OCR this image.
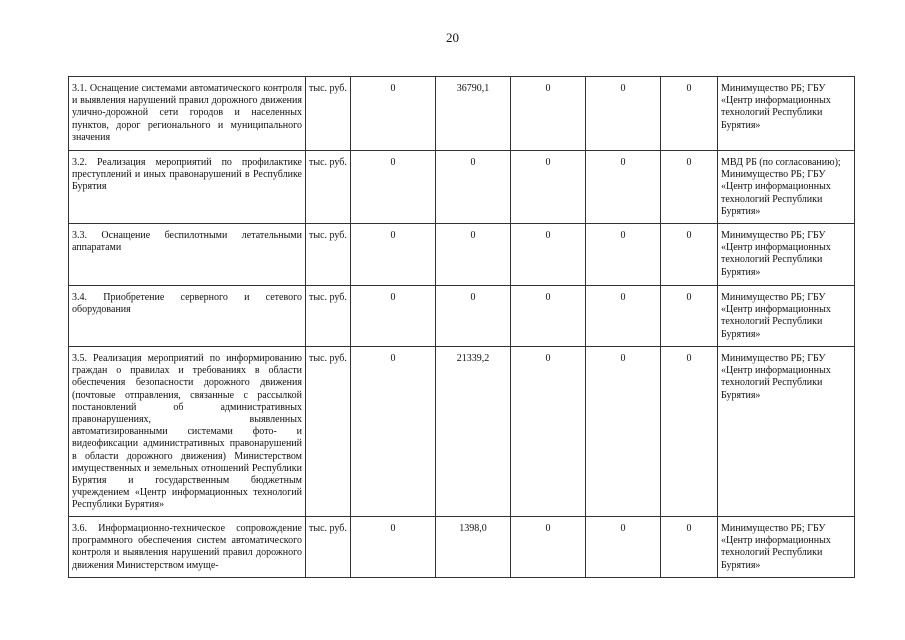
20
3.1. Оснащение системами автоматического контроля и выявления нарушений правил дорожного движения улично-дорожной сети городов и населенных пунктов, дорог регионального и муниципального значения	тыс. руб.	0	36790,1	0	0	0	Минимущество РБ; ГБУ «Центр информационных технологий Республики Бурятия»
3.2. Реализация мероприятий по профилактике преступлений и иных правонарушений в Республике Бурятия	тыс. руб.	0	0	0	0	0	МВД РБ (по согласованию); Минимущество РБ; ГБУ «Центр информационных технологий Республики Бурятия»
3.3. Оснащение беспилотными летательными аппаратами	тыс. руб.	0	0	0	0	0	Минимущество РБ; ГБУ «Центр информационных технологий Республики Бурятия»
3.4. Приобретение серверного и сетевого оборудования	тыс. руб.	0	0	0	0	0	Минимущество РБ; ГБУ «Центр информационных технологий Республики Бурятия»
3.5. Реализация мероприятий по информированию граждан о правилах и требованиях в области обеспечения безопасности дорожного движения (почтовые отправления, связанные с рассылкой постановлений об административных правонарушениях, выявленных автоматизированными системами фото- и видеофиксации административных правонарушений в области дорожного движения) Министерством имущественных и земельных отношений Республики Бурятия и государственным бюджетным учреждением «Центр информационных технологий Республики Бурятия»	тыс. руб.	0	21339,2	0	0	0	Минимущество РБ; ГБУ «Центр информационных технологий Республики Бурятия»
3.6. Информационно-техническое сопровождение программного обеспечения систем автоматического контроля и выявления нарушений правил дорожного движения Министерством имуще-	тыс. руб.	0	1398,0	0	0	0	Минимущество РБ; ГБУ «Центр информационных технологий Республики Бурятия»
